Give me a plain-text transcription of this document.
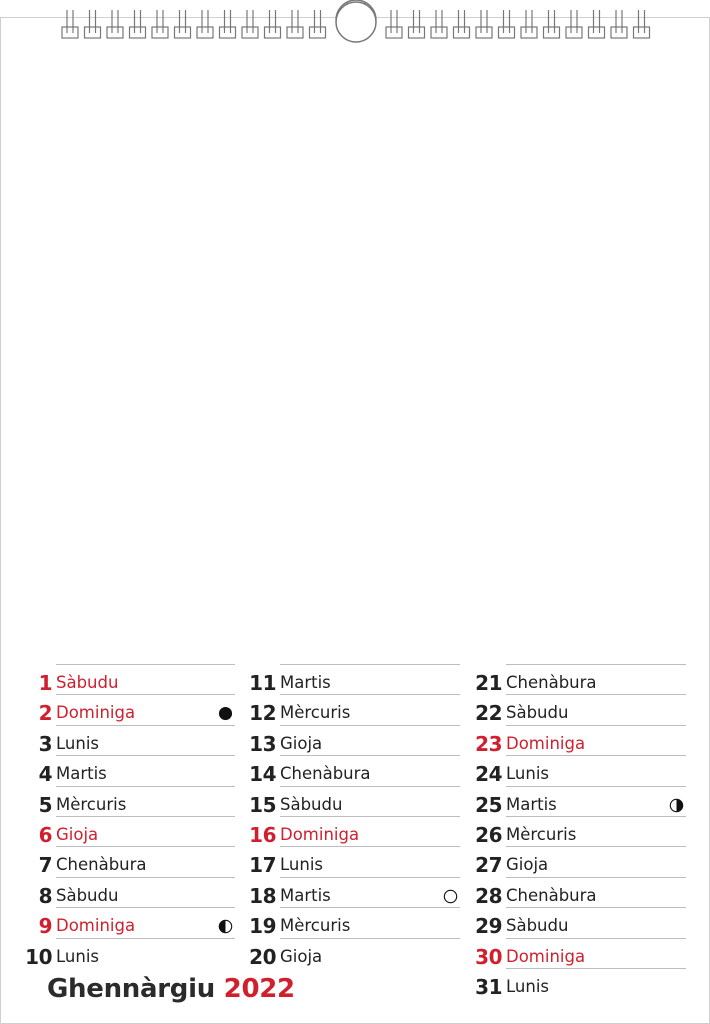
1 Sàbudu
2 Dominiga
3 Lunis
4 Martis
5 Mèrcuris
6 Gioja
7 Chenàbura
8 Sàbudu
9 Dominiga
10 Lunis
11 Martis
12 Mèrcuris
13 Gioja
14 Chenàbura
15 Sàbudu
16 Dominiga
17 Lunis
18 Martis
19 Mèrcuris
20 Gioja
21 Chenàbura
22 Sàbudu
23 Dominiga
24 Lunis
25 Martis
26 Mèrcuris
27 Gioja
28 Chenàbura
29 Sàbudu
30 Dominiga
31 Lunis
Ghennàrgiu 2022
